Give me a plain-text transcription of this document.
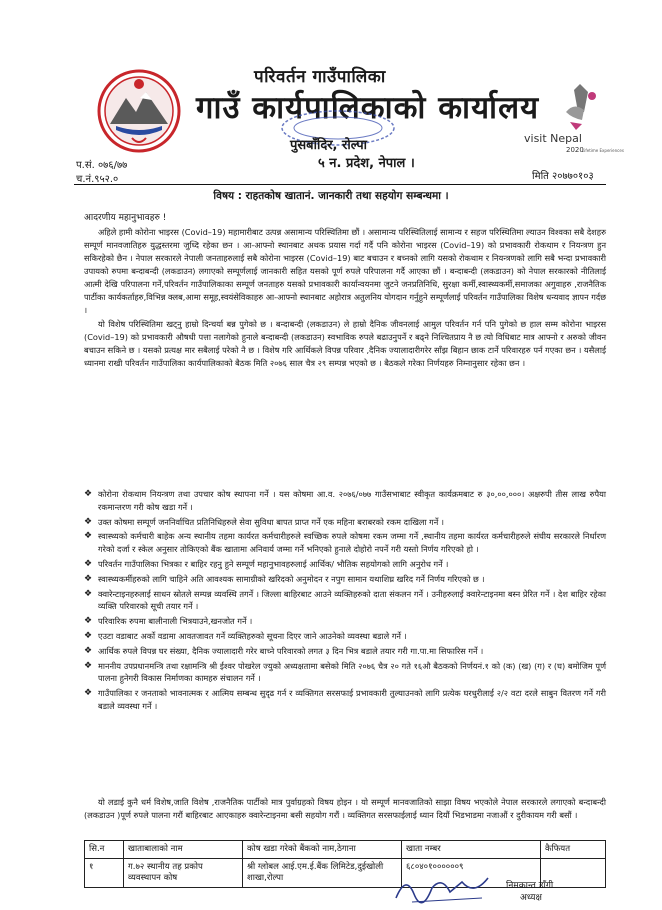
परिवर्तन गाउँपालिका
गाउँ कार्यपालिकाको कार्यालय
पुसबाँदिर, रोल्पा
५ न. प्रदेश, नेपाल ।
visit Nepal
2020
Lifetime Experiences
प.सं. ०७६/७७
च.नं.९५२.०	मिति २०७७०१०३
विषय : राहतकोष खातानं. जानकारी तथा सहयोग सम्बन्धमा ।
आदरणीय महानुभावहरु !

अहिले हामी कोरोना भाइरस (Covid–19) महामारीबाट उत्पन्न असामान्य परिस्थितिमा छौं । असामान्य परिस्थितिलाई सामान्य र सहज परिस्थितिमा ल्याउन विश्वका सबै देशहरु सम्पूर्ण मानवजातिहरु युद्धस्तरमा जुध्दि रहेका छन । आ-आफ्नो स्थानबाट अथक प्रयास गर्दा गर्दै पनि कोरोना भाइरस (Covid–19) को प्रभावकारी रोकथाम र नियन्त्रण हुन सकिरहेको छैन । नेपाल सरकारले नेपाली जनताहरुलाई सबै कोरोना भाइरस (Covid–19) बाट बचाउन र बच्नको लागि यसको रोकथाम र नियन्त्रणको लागि सबै भन्दा प्रभावकारी उपायको रुपमा बन्दाबन्दी (लकडाउन) लगाएको सम्पूर्णलाई जानकारी सहित यसको पूर्ण रुपले परिपालना गर्दै आएका छौं । बन्दाबन्दी (लकडाउन) को नेपाल सरकारको नीतिलाई आत्मी देखि परिपालना गर्ने,परिवर्तन गाउँपालिकाका सम्पूर्ण जनताहरु यसको प्रभावकारी कार्यान्वयनमा जुटने जनप्रतिनिधि, सुरक्षा कर्मी,स्वास्थ्यकर्मी,समाजका अगुवाहरु ,राजनैतिक पार्टीका कार्यकर्ताहरु,विभिन्न क्लब,आमा समूह,स्वयंसेविकाहरु आ-आफ्नो स्थानबाट अहोरात्र अतुलनिय योगदान गर्नुहुने सम्पूर्णलाई परिवर्तन गाउँपालिका विशेष धन्यवाद ज्ञापन गर्दछ ।

यो विशेष परिस्थितिमा खट्नु हाम्रो दिन्चर्या बन्न पुगेको छ । बन्दाबन्दी (लकडाउन) ले हाम्रो दैनिक जीवनलाई आमुल परिवर्तन गर्न पनि पुगेको छ हाल सम्म कोरोना भाइरस (Covid–19) को प्रभावकारी औषधी पत्ता नलागेको हुनाले बन्दाबन्दी (लकडाउन) स्वभाविक रुपले बढाउनुपर्ने र बढ्ने निश्चितप्राय नै छ त्यो विधिबाट मात्र आफ्नो र अरुको जीवन बचाउन सकिने छ । यसको प्रत्यक्ष मार सबैलाई परेको नै छ । विशेष गरि आर्थिकले विपन्न परिवार ,दैनिक ज्यालादारीगरेर साँझ बिहान छाक टार्ने परिवारहरु पर्न गएका छन । यसैलाई ध्यानमा राखी परिवर्तन गाउँपालिका कार्यपालिकाको बैठक मिति २०७६ साल चैत्र २९ सम्पन्न भएको छ । बैठकले गरेका निर्णयहरु निम्नानुसार रहेका छन ।

❖ कोरोना रोकथाम नियन्त्रण तथा उपचार कोष स्थापना गर्ने । यस कोषमा आ.व. २०७६/०७७ गाउँसभाबाट स्वीकृत कार्यक्रमबाट रु ३०,००,०००। अक्षरुपी तीस लाख रुपैया रकमान्तरण गरी कोष खडा गर्ने ।
❖ उक्त कोषमा सम्पूर्ण जननिर्वाचित प्रतिनिधिहरुले सेवा सुविधा बापत प्राप्त गर्ने एक महिना बराबरको रकम दाखिला गर्ने ।
❖ स्वास्थ्यको कर्मचारी बाहेक अन्य स्थानीय तहमा कार्यरत कर्मचारीहरुले स्वच्छिक रुपले कोषमा रकम जम्मा गर्ने ,स्थानीय तहमा कार्यरत कर्मचारीहरुले संघीय सरकारले निर्धारण गरेको दर्जा र स्केल अनुसार तोकिएको बैंक खातामा अनिवार्य जम्मा गर्ने भनिएको हुनाले दोहोरो नपर्ने गरी यस्तो निर्णय गरिएको हो ।
❖ परिवर्तन गाउँपालिका भित्रका र बाहिर रहनु हुने सम्पूर्ण महानुभावहरुलाई आर्थिक/ भौतिक सहयोगको लागि अनुरोध गर्ने ।
❖ स्वास्थ्यकर्मीहरुको लागि चाहिने अति आवश्यक सामाग्रीको खरिदको अनुमोदन र नपुग सामान यथाशिघ्र खरिद गर्ने निर्णय गरिएको छ ।
❖ क्वारेन्टाइनहरुलाई साधन स्रोतले सम्पन्न व्यवस्थि तगर्ने । जिल्ला बाहिरबाट आउने व्यक्तिहरुको दाता संकलन गर्ने । उनीहरुलाई क्वारेन्टाइनमा बस्न प्रेरित गर्ने । देश बाहिर रहेका व्यक्ति परिवारको सूची तयार गर्ने ।
❖ परिवारिक रुपमा बालीनाली भित्रयाउने,खनजोत गर्ने ।
❖ एउटा वडाबाट अर्को वडामा आवतजावत गर्ने व्यक्तिहरुको सूचना दिएर जाने आउनेको व्यवस्था बडाले गर्ने ।
❖ आर्थिक रुपले विपन्न घर संख्या, दैनिक ज्यालादारी गरेर बाच्ने परिवारको लगत ३ दिन भित्र बडाले तयार गरी गा.पा.मा सिफारिस गर्ने ।
❖ माननीय उपप्रधानमन्त्रि तथा रक्षामन्त्रि श्री ईश्वर पोखरेल ज्युको अध्यक्षतामा बसेको मिति २०७६ चैत्र २० गते १६औ बैठकको निर्णयनं.१ को (क) (ख) (ग) र (घ) बमोजिम पूर्ण पालना हुनेगरी विकास निर्माणका कामहरु संचालन गर्ने ।
❖ गाउँपालिका र जनताको भावनात्मक र आत्मिय सम्बन्ध सुदृढ गर्न र व्यक्तिगत सरसफाई प्रभावकारी तुल्याउनको लागि प्रत्येक घरधुरीलाई २/२ वटा दरले साबुन वितरण गर्ने गरी बडाले व्यवस्था गर्ने ।
यो लडाई कुनै धर्म विशेष,जाति विशेष ,राजनैतिक पार्टीको मात्र पुर्वाग्रहको विषय होइन । यो सम्पूर्ण मानवजातिको साझा विषय भएकोले नेपाल सरकारले लगाएको बन्दाबन्दी (लकडाउन )पूर्ण रुपले पालना गरौं बाहिरबाट आएकाहरु क्वारेन्टाइनमा बसी सहयोग गरौं । व्यक्तिगत सरसफाईलाई ध्यान दियौं भिडभाडमा नजाऔं र दुरीकायम गरी बसौं ।
सि.न	खाताबालाको नाम	कोष खडा गरेको बैंकको नाम,ठेगाना	खाता नम्बर	कैफियत
१	ग.७२ स्थानीय तह प्रकोप व्यवस्थापन कोष	श्री ग्लोबल आई.एम.ई.बैंक लिमिटेड,दुईखोली शाखा,रोल्पा	६८०४०१००००००९	
निमकान्त डाँगी
अध्यक्ष
